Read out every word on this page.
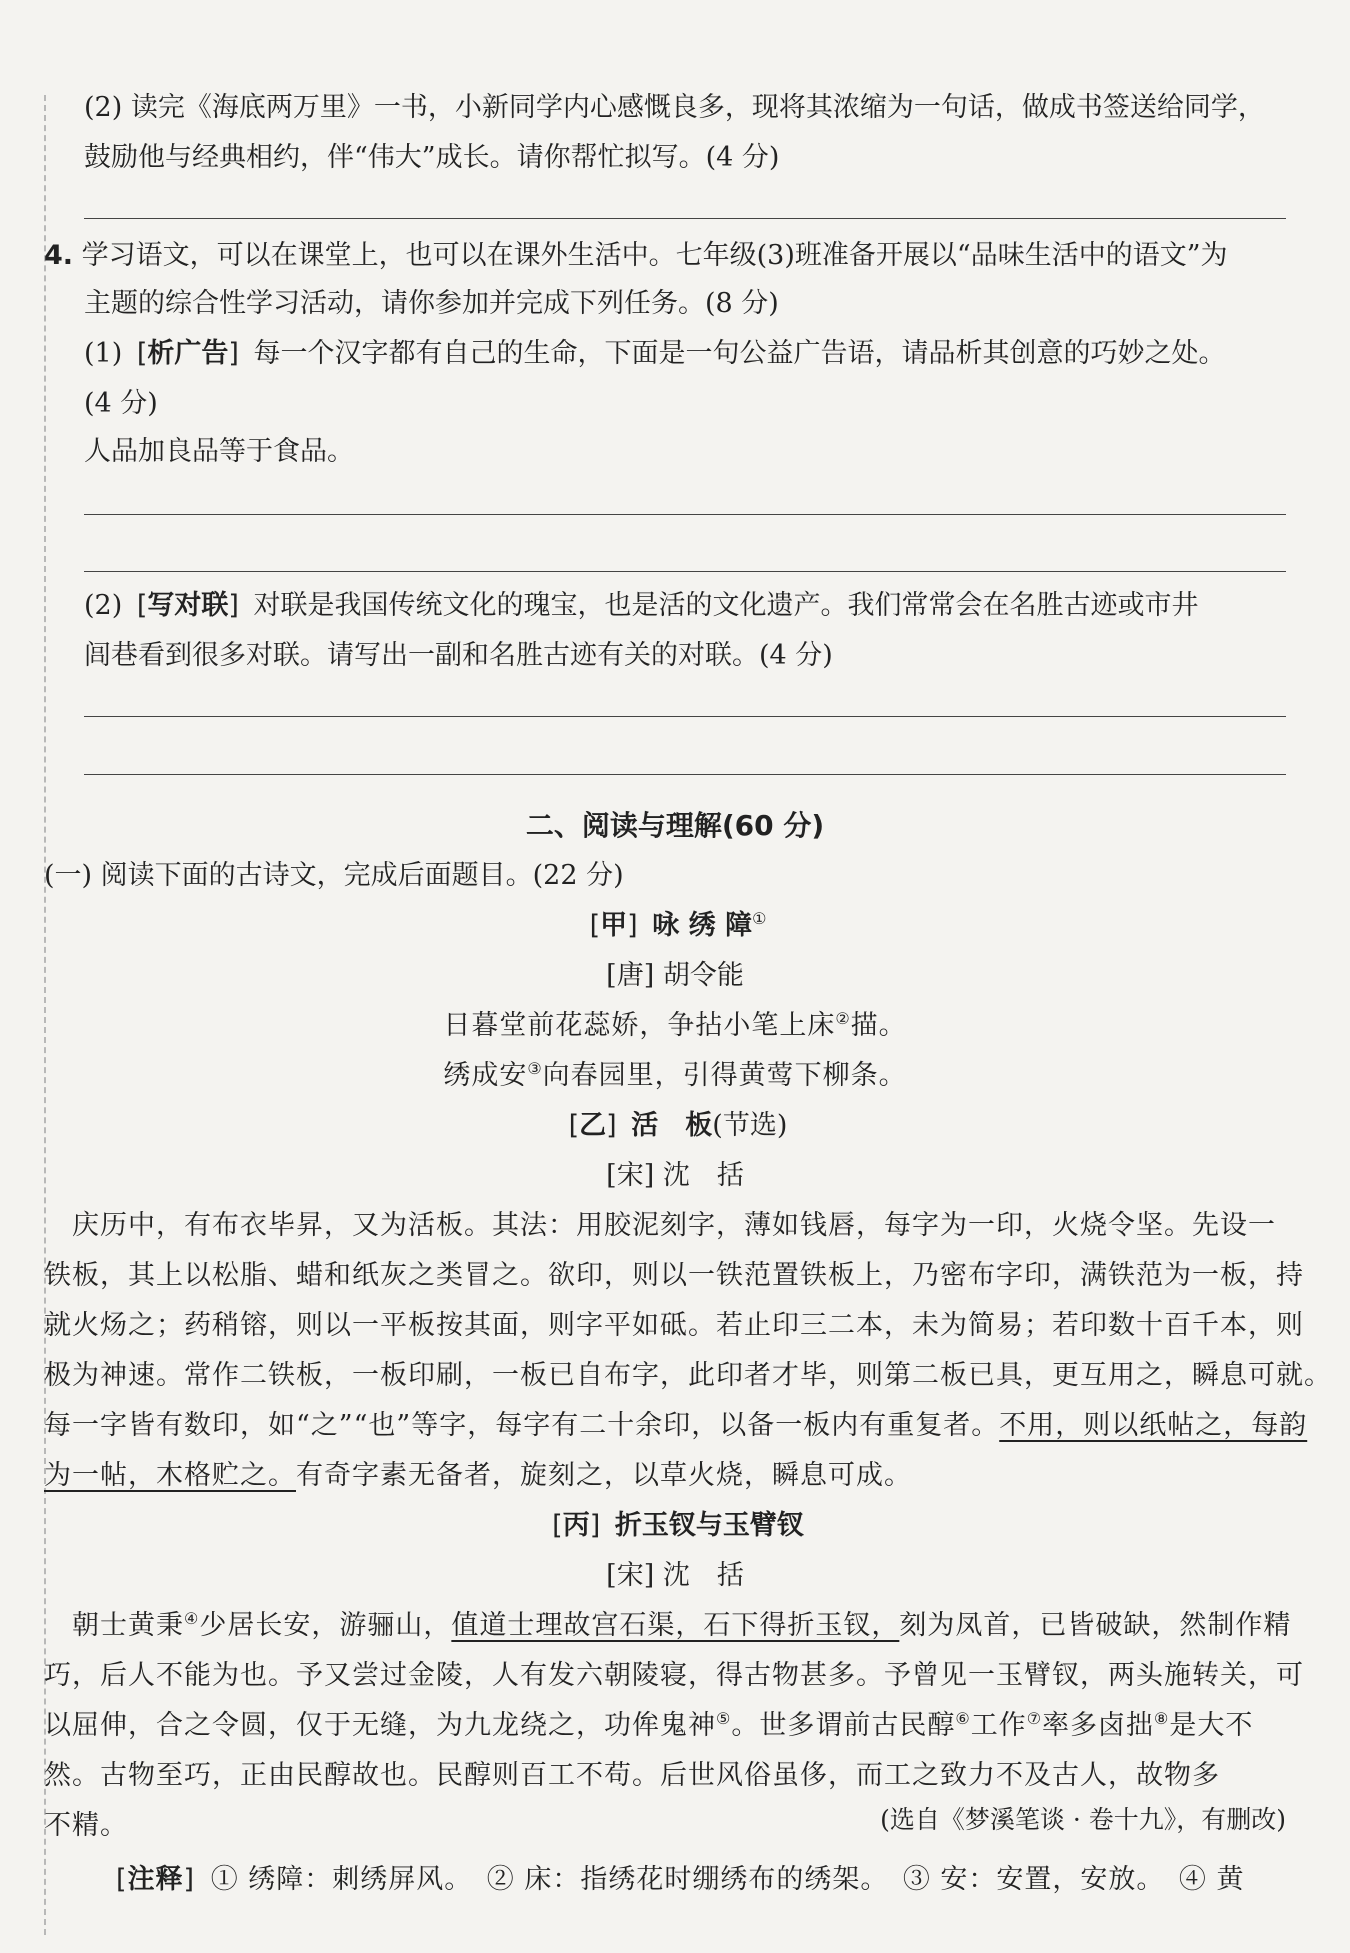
(2) 读完《海底两万里》一书，小新同学内心感慨良多，现将其浓缩为一句话，做成书签送给同学，
鼓励他与经典相约，伴“伟大”成长。请你帮忙拟写。(4 分)
4. 学习语文，可以在课堂上，也可以在课外生活中。七年级(3)班准备开展以“品味生活中的语文”为
主题的综合性学习活动，请你参加并完成下列任务。(8 分)
(1) [ 析广告 ] 每一个汉字都有自己的生命，下面是一句公益广告语，请品析其创意的巧妙之处。
(4 分)
人品加良品等于食品。
(2) [ 写对联 ] 对联是我国传统文化的瑰宝，也是活的文化遗产。我们常常会在名胜古迹或市井
闾巷看到很多对联。请写出一副和名胜古迹有关的对联。(4 分)
二、阅读与理解(60 分)
(一) 阅读下面的古诗文，完成后面题目。(22 分)
[ 甲 ] 咏 绣 障①
[唐] 胡令能
日暮堂前花蕊娇，争拈小笔上床②描。
绣成安③向春园里，引得黄莺下柳条。
[ 乙 ] 活　板(节选)
[宋] 沈　括
　庆历中，有布衣毕昇，又为活板。其法：用胶泥刻字，薄如钱唇，每字为一印，火烧令坚。先设一
铁板，其上以松脂、蜡和纸灰之类冒之。欲印，则以一铁范置铁板上，乃密布字印，满铁范为一板，持
就火炀之；药稍镕，则以一平板按其面，则字平如砥。若止印三二本，未为简易；若印数十百千本，则
极为神速。常作二铁板，一板印刷，一板已自布字，此印者才毕，则第二板已具，更互用之，瞬息可就。
每一字皆有数印，如“之”“也”等字，每字有二十余印，以备一板内有重复者。不用，则以纸帖之，每韵
为一帖，木格贮之。有奇字素无备者，旋刻之，以草火烧，瞬息可成。
[ 丙 ] 折玉钗与玉臂钗
[宋] 沈　括
　朝士黄秉④少居长安，游骊山，值道士理故宫石渠，石下得折玉钗，刻为凤首，已皆破缺，然制作精
巧，后人不能为也。予又尝过金陵，人有发六朝陵寝，得古物甚多。予曾见一玉臂钗，两头施转关，可
以屈伸，合之令圆，仅于无缝，为九龙绕之，功侔鬼神⑤。世多谓前古民醇⑥工作⑦率多卤拙⑧是大不
然。古物至巧，正由民醇故也。民醇则百工不苟。后世风俗虽侈，而工之致力不及古人，故物多
不精。	(选自《梦溪笔谈 · 卷十九》，有删改)
[ 注释 ] ① 绣障：刺绣屏风。　② 床：指绣花时绷绣布的绣架。　③ 安：安置，安放。　④ 黄
